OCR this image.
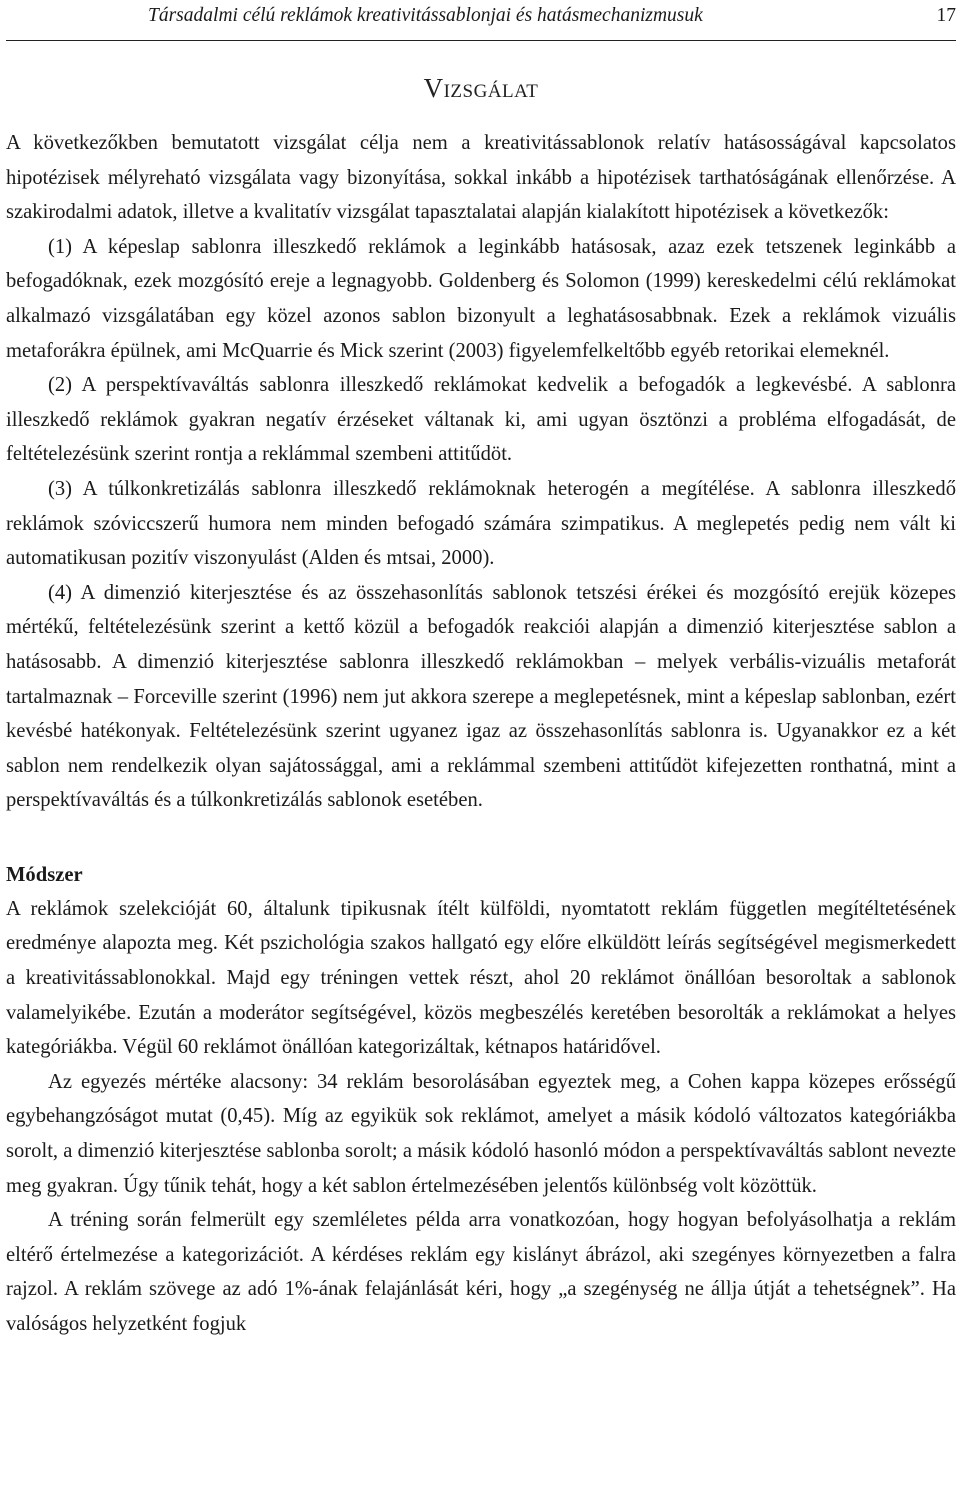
Társadalmi célú reklámok kreativitássablonjai és hatásmechanizmusuk	17
Vizsgálat

A következőkben bemutatott vizsgálat célja nem a kreativitássablonok relatív hatásosságával kapcsolatos hipotézisek mélyreható vizsgálata vagy bizonyítása, sokkal inkább a hipotézisek tarthatóságának ellenőrzése. A szakirodalmi adatok, illetve a kvalitatív vizsgálat tapasztalatai alapján kialakított hipotézisek a következők:

(1) A képeslap sablonra illeszkedő reklámok a leginkább hatásosak, azaz ezek tetszenek leginkább a befogadóknak, ezek mozgósító ereje a legnagyobb. Goldenberg és Solomon (1999) kereskedelmi célú reklámokat alkalmazó vizsgálatában egy közel azonos sablon bizonyult a leghatásosabbnak. Ezek a reklámok vizuális metaforákra épülnek, ami McQuarrie és Mick szerint (2003) figyelemfelkeltőbb egyéb retorikai elemeknél.

(2) A perspektívaváltás sablonra illeszkedő reklámokat kedvelik a befogadók a legkevésbé. A sablonra illeszkedő reklámok gyakran negatív érzéseket váltanak ki, ami ugyan ösztönzi a probléma elfogadását, de feltételezésünk szerint rontja a reklámmal szembeni attitűdöt.

(3) A túlkonkretizálás sablonra illeszkedő reklámoknak heterogén a megítélése. A sablonra illeszkedő reklámok szóviccszerű humora nem minden befogadó számára szimpatikus. A meglepetés pedig nem vált ki automatikusan pozitív viszonyulást (Alden és mtsai, 2000).

(4) A dimenzió kiterjesztése és az összehasonlítás sablonok tetszési érékei és mozgósító erejük közepes mértékű, feltételezésünk szerint a kettő közül a befogadók reakciói alapján a dimenzió kiterjesztése sablon a hatásosabb. A dimenzió kiterjesztése sablonra illeszkedő reklámokban – melyek verbális-vizuális metaforát tartalmaznak – Forceville szerint (1996) nem jut akkora szerepe a meglepetésnek, mint a képeslap sablonban, ezért kevésbé hatékonyak. Feltételezésünk szerint ugyanez igaz az összehasonlítás sablonra is. Ugyanakkor ez a két sablon nem rendelkezik olyan sajátossággal, ami a reklámmal szembeni attitűdöt kifejezetten ronthatná, mint a perspektívaváltás és a túlkonkretizálás sablonok esetében.

Módszer

A reklámok szelekcióját 60, általunk tipikusnak ítélt külföldi, nyomtatott reklám független megítéltetésének eredménye alapozta meg. Két pszichológia szakos hallgató egy előre elküldött leírás segítségével megismerkedett a kreativitássablonokkal. Majd egy tréningen vettek részt, ahol 20 reklámot önállóan besoroltak a sablonok valamelyikébe. Ezután a moderátor segítségével, közös megbeszélés keretében besorolták a reklámokat a helyes kategóriákba. Végül 60 reklámot önállóan kategorizáltak, kétnapos határidővel.

Az egyezés mértéke alacsony: 34 reklám besorolásában egyeztek meg, a Cohen kappa közepes erősségű egybehangzóságot mutat (0,45). Míg az egyikük sok reklámot, amelyet a másik kódoló változatos kategóriákba sorolt, a dimenzió kiterjesztése sablonba sorolt; a másik kódoló hasonló módon a perspektívaváltás sablont nevezte meg gyakran. Úgy tűnik tehát, hogy a két sablon értelmezésében jelentős különbség volt közöttük.

A tréning során felmerült egy szemléletes példa arra vonatkozóan, hogy hogyan befolyásolhatja a reklám eltérő értelmezése a kategorizációt. A kérdéses reklám egy kislányt ábrázol, aki szegényes környezetben a falra rajzol. A reklám szövege az adó 1%-ának felajánlását kéri, hogy „a szegénység ne állja útját a tehetségnek”. Ha valóságos helyzetként fogjuk
